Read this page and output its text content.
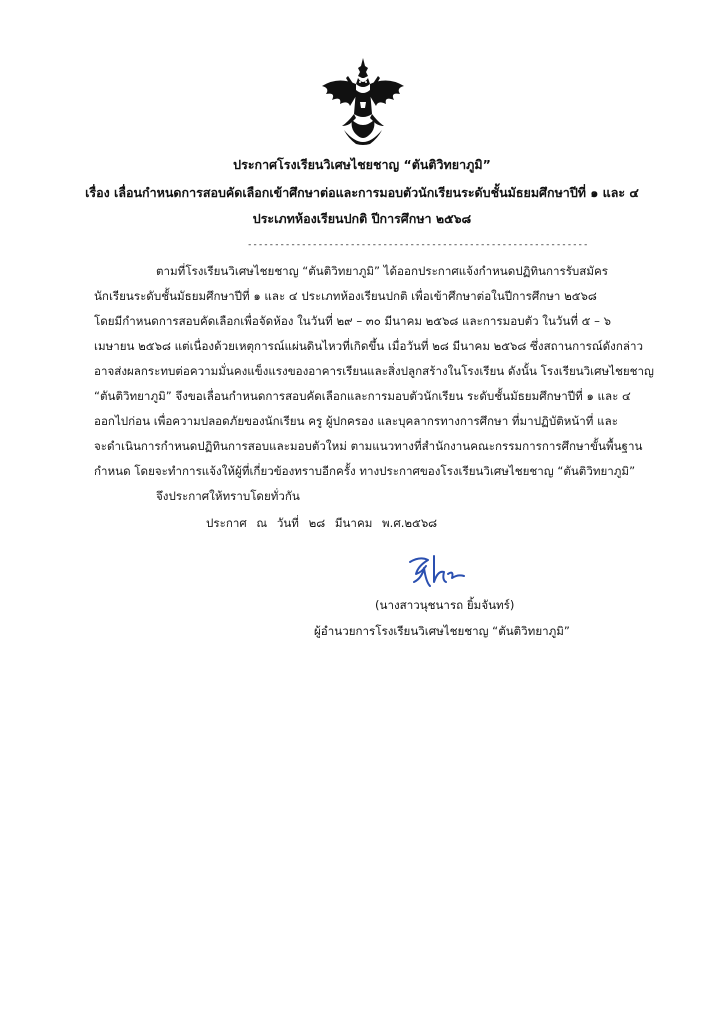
ประกาศโรงเรียนวิเศษไชยชาญ “ตันติวิทยาภูมิ”
เรื่อง เลื่อนกำหนดการสอบคัดเลือกเข้าศึกษาต่อและการมอบตัวนักเรียนระดับชั้นมัธยมศึกษาปีที่ ๑ และ ๔
ประเภทห้องเรียนปกติ ปีการศึกษา ๒๕๖๘
---------------------------------------------------------------
ตามที่โรงเรียนวิเศษไชยชาญ “ตันติวิทยาภูมิ” ได้ออกประกาศแจ้งกำหนดปฏิทินการรับสมัคร
นักเรียนระดับชั้นมัธยมศึกษาปีที่ ๑ และ ๔ ประเภทห้องเรียนปกติ เพื่อเข้าศึกษาต่อในปีการศึกษา ๒๕๖๘
โดยมีกำหนดการสอบคัดเลือกเพื่อจัดห้อง ในวันที่ ๒๙ – ๓๐ มีนาคม ๒๕๖๘ และการมอบตัว ในวันที่ ๕ – ๖
เมษายน ๒๕๖๘ แต่เนื่องด้วยเหตุการณ์แผ่นดินไหวที่เกิดขึ้น เมื่อวันที่ ๒๘ มีนาคม ๒๕๖๘ ซึ่งสถานการณ์ดังกล่าว
อาจส่งผลกระทบต่อความมั่นคงแข็งแรงของอาคารเรียนและสิ่งปลูกสร้างในโรงเรียน ดังนั้น โรงเรียนวิเศษไชยชาญ
“ตันติวิทยาภูมิ” จึงขอเลื่อนกำหนดการสอบคัดเลือกและการมอบตัวนักเรียน ระดับชั้นมัธยมศึกษาปีที่ ๑ และ ๔
ออกไปก่อน เพื่อความปลอดภัยของนักเรียน ครู ผู้ปกครอง และบุคลากรทางการศึกษา ที่มาปฏิบัติหน้าที่ และ
จะดำเนินการกำหนดปฏิทินการสอบและมอบตัวใหม่ ตามแนวทางที่สำนักงานคณะกรรมการการศึกษาขั้นพื้นฐาน
กำหนด โดยจะทำการแจ้งให้ผู้ที่เกี่ยวข้องทราบอีกครั้ง ทางประกาศของโรงเรียนวิเศษไชยชาญ “ตันติวิทยาภูมิ”
จึงประกาศให้ทราบโดยทั่วกัน
ประกาศ ณ วันที่ ๒๘ มีนาคม พ.ศ.๒๕๖๘
(นางสาวนุชนารถ ยิ้มจันทร์)
ผู้อำนวยการโรงเรียนวิเศษไชยชาญ “ตันติวิทยาภูมิ”
